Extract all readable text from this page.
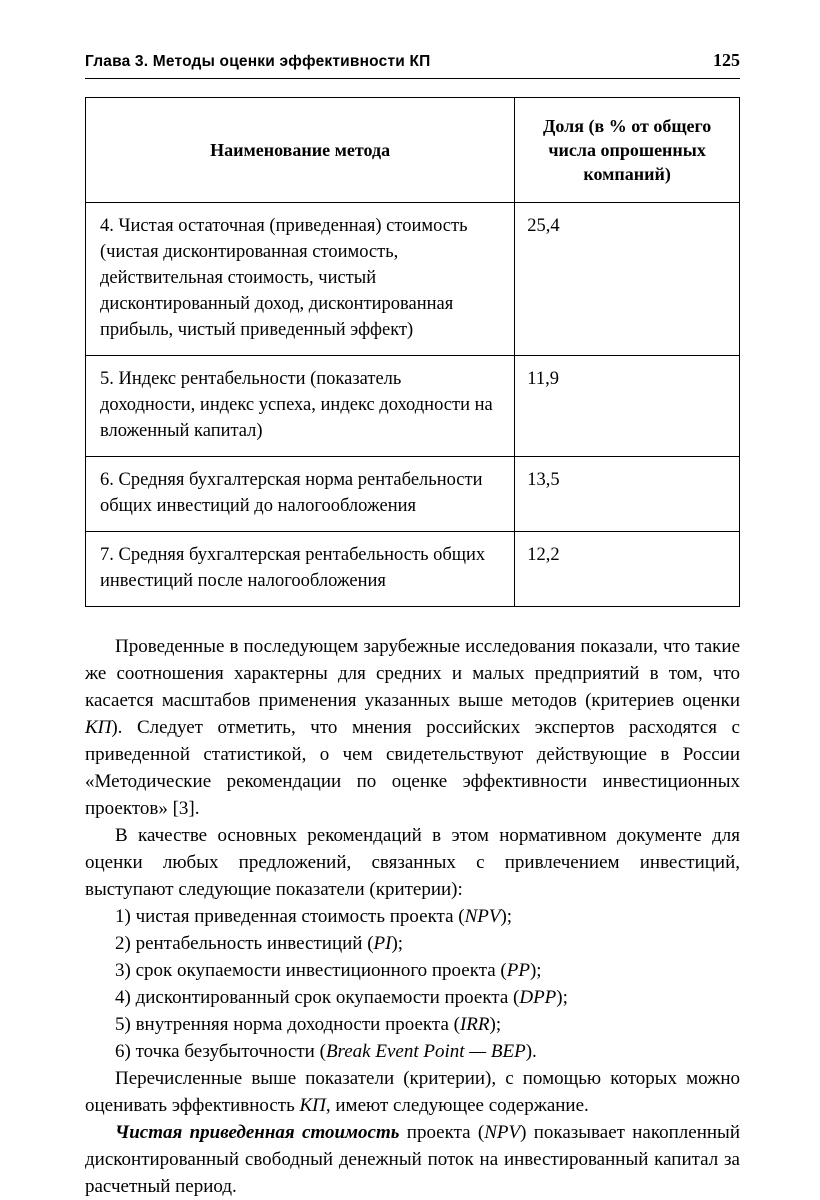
Глава 3. Методы оценки эффективности КП	125
Наименование метода	Доля (в % от общего числа опрошенных компаний)
4. Чистая остаточная (приведенная) стоимость (чистая дисконтированная стоимость, действительная стоимость, чистый дисконтированный доход, дисконтированная прибыль, чистый приведенный эффект)	25,4
5. Индекс рентабельности (показатель доходности, индекс успеха, индекс доходности на вложенный капитал)	11,9
6. Средняя бухгалтерская норма рентабельности общих инвестиций до налогообложения	13,5
7. Средняя бухгалтерская рентабельность общих инвестиций после налогообложения	12,2

Проведенные в последующем зарубежные исследования показали, что такие же соотношения характерны для средних и малых предприятий в том, что касается масштабов применения указанных выше методов (критериев оценки КП). Следует отметить, что мнения российских экспертов расходятся с приведенной статистикой, о чем свидетельствуют действующие в России «Методические рекомендации по оценке эффективности инвестиционных проектов» [3].

В качестве основных рекомендаций в этом нормативном документе для оценки любых предложений, связанных с привлечением инвестиций, выступают следующие показатели (критерии):

1) чистая приведенная стоимость проекта (NPV);

2) рентабельность инвестиций (PI);

3) срок окупаемости инвестиционного проекта (PP);

4) дисконтированный срок окупаемости проекта (DPP);

5) внутренняя норма доходности проекта (IRR);

6) точка безубыточности (Break Event Point — BEP).

Перечисленные выше показатели (критерии), с помощью которых можно оценивать эффективность КП, имеют следующее содержание.

Чистая приведенная стоимость проекта (NPV) показывает накопленный дисконтированный свободный денежный поток на инвестированный капитал за расчетный период.
